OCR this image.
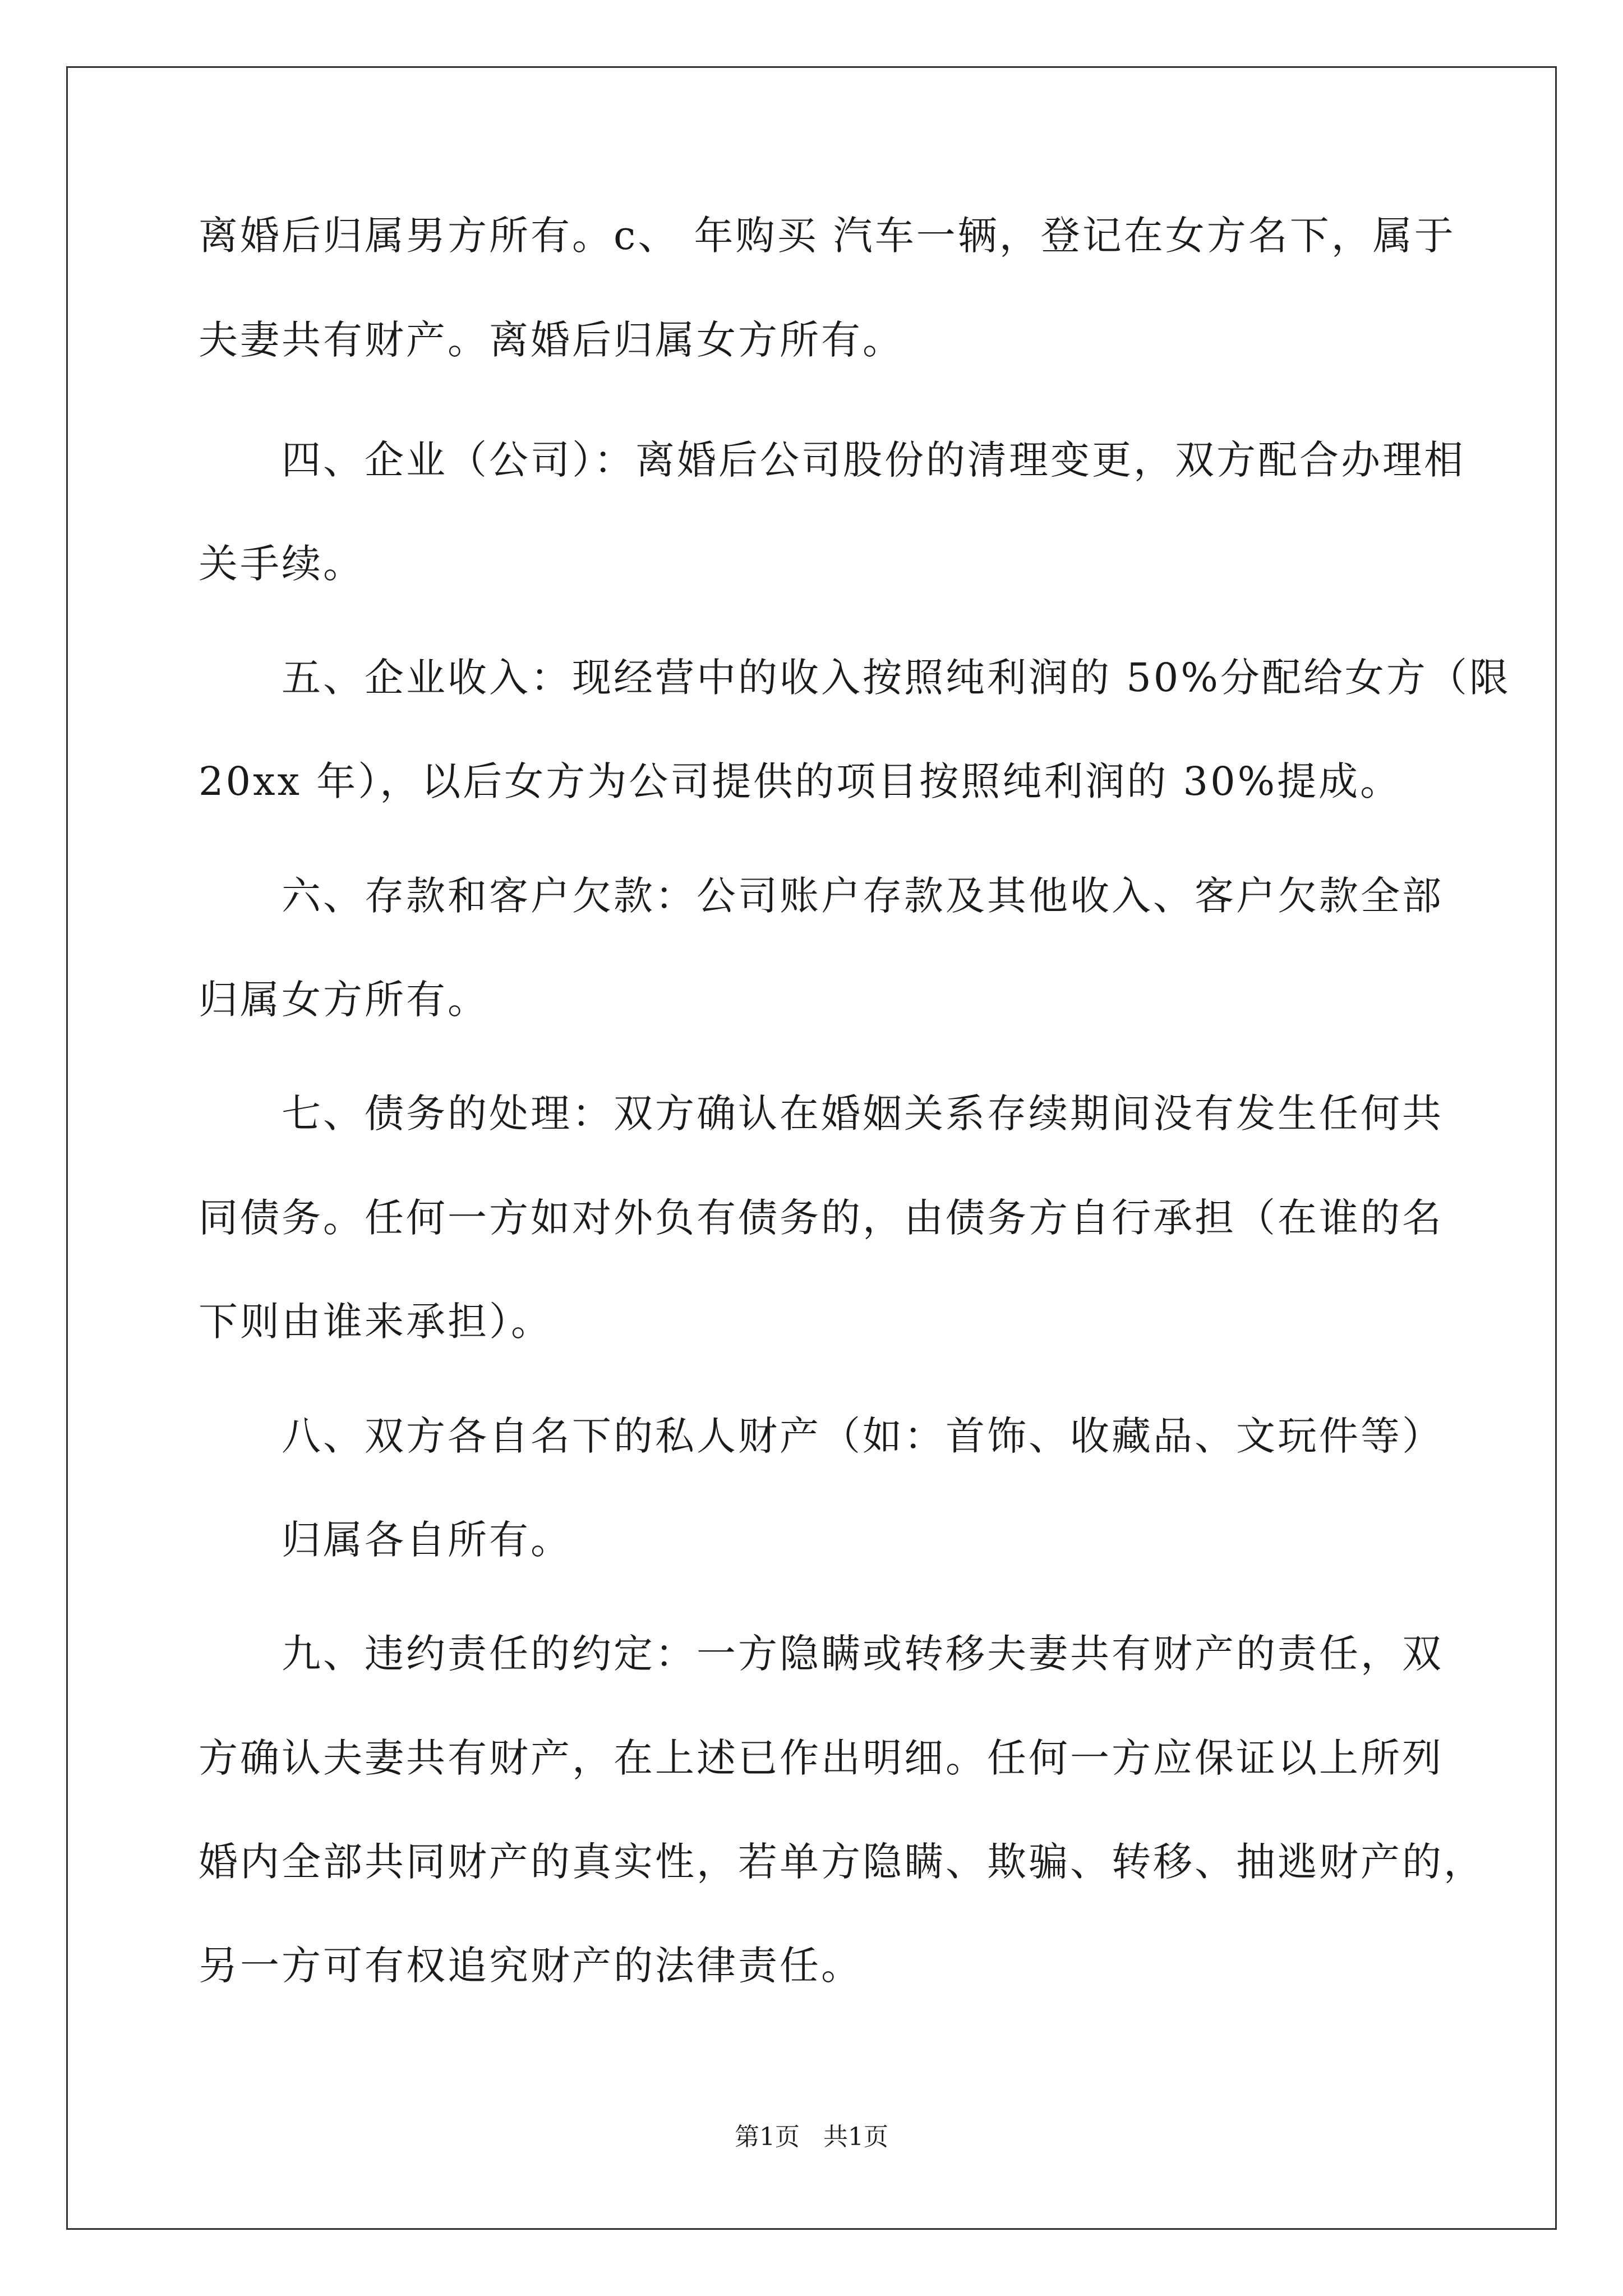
离婚后归属男方所有。c、 年购买 汽车一辆，登记在女方名下，属于
夫妻共有财产。离婚后归属女方所有。
四、企业（公司）：离婚后公司股份的清理变更，双方配合办理相
关手续。
五、企业收入：现经营中的收入按照纯利润的 50%分配给女方（限
20xx 年），以后女方为公司提供的项目按照纯利润的 30%提成。
六、存款和客户欠款：公司账户存款及其他收入、客户欠款全部
归属女方所有。
七、债务的处理：双方确认在婚姻关系存续期间没有发生任何共
同债务。任何一方如对外负有债务的，由债务方自行承担（在谁的名
下则由谁来承担）。
八、双方各自名下的私人财产（如：首饰、收藏品、文玩件等）
归属各自所有。
九、违约责任的约定：一方隐瞒或转移夫妻共有财产的责任，双
方确认夫妻共有财产，在上述已作出明细。任何一方应保证以上所列
婚内全部共同财产的真实性，若单方隐瞒、欺骗、转移、抽逃财产的，
另一方可有权追究财产的法律责任。
第1页   共1页
